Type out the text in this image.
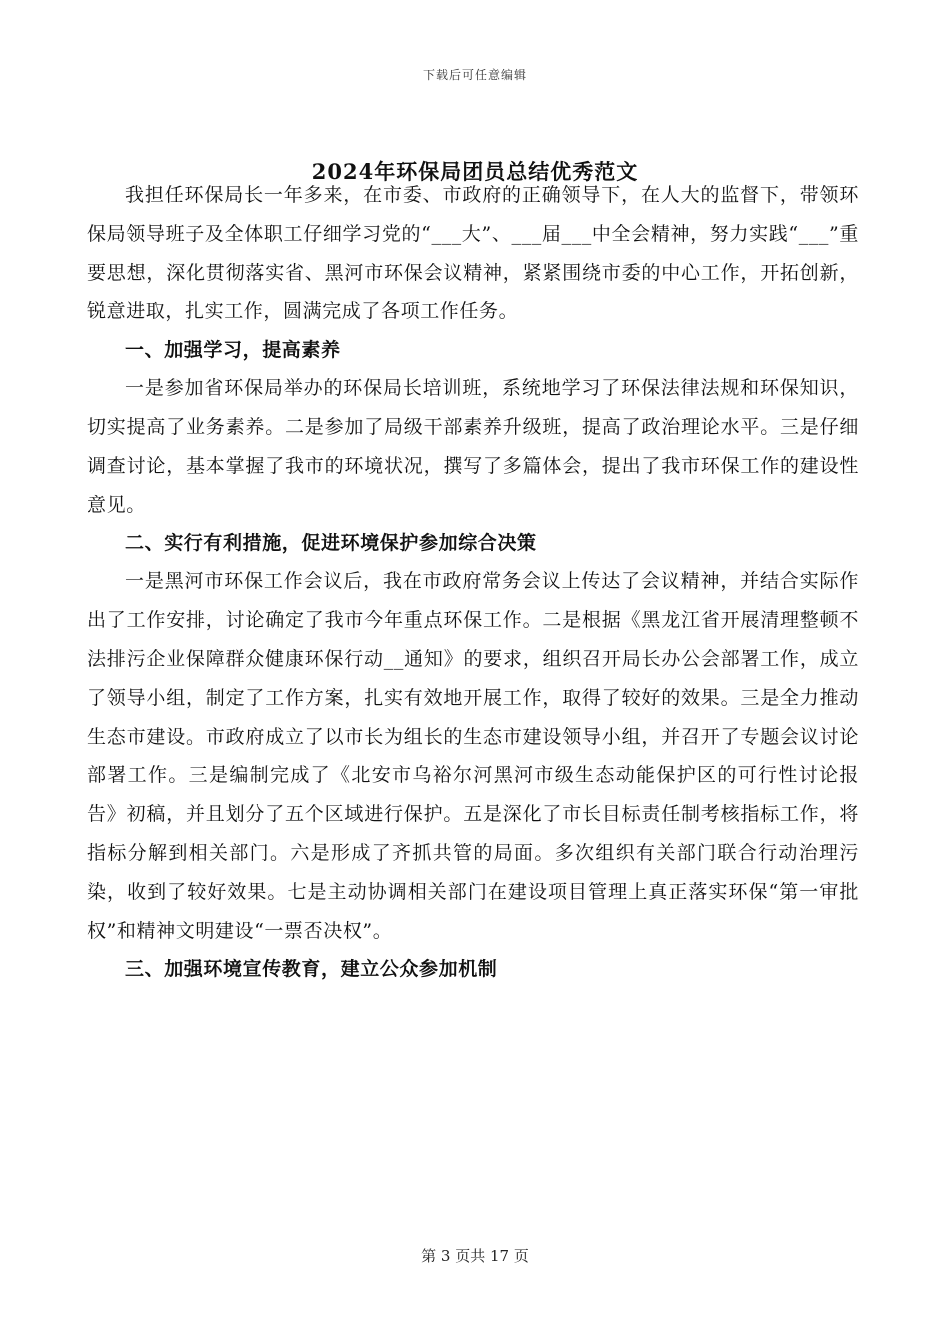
下载后可任意编辑
2024年环保局团员总结优秀范文

我担任环保局长一年多来，在市委、市政府的正确领导下，在人大的监督下，带领环保局领导班子及全体职工仔细学习党的“___大”、___届___中全会精神，努力实践“___”重要思想，深化贯彻落实省、黑河市环保会议精神，紧紧围绕市委的中心工作，开拓创新，锐意进取，扎实工作，圆满完成了各项工作任务。

一、加强学习，提高素养

一是参加省环保局举办的环保局长培训班，系统地学习了环保法律法规和环保知识，切实提高了业务素养。二是参加了局级干部素养升级班，提高了政治理论水平。三是仔细调查讨论，基本掌握了我市的环境状况，撰写了多篇体会，提出了我市环保工作的建设性意见。

二、实行有利措施，促进环境保护参加综合决策

一是黑河市环保工作会议后，我在市政府常务会议上传达了会议精神，并结合实际作出了工作安排，讨论确定了我市今年重点环保工作。二是根据《黑龙江省开展清理整顿不法排污企业保障群众健康环保行动__通知》的要求，组织召开局长办公会部署工作，成立了领导小组，制定了工作方案，扎实有效地开展工作，取得了较好的效果。三是全力推动生态市建设。市政府成立了以市长为组长的生态市建设领导小组，并召开了专题会议讨论部署工作。三是编制完成了《北安市乌裕尔河黑河市级生态动能保护区的可行性讨论报告》初稿，并且划分了五个区域进行保护。五是深化了市长目标责任制考核指标工作，将指标分解到相关部门。六是形成了齐抓共管的局面。多次组织有关部门联合行动治理污染，收到了较好效果。七是主动协调相关部门在建设项目管理上真正落实环保“第一审批权”和精神文明建设“一票否决权”。

三、加强环境宣传教育，建立公众参加机制
第 3 页共 17 页
